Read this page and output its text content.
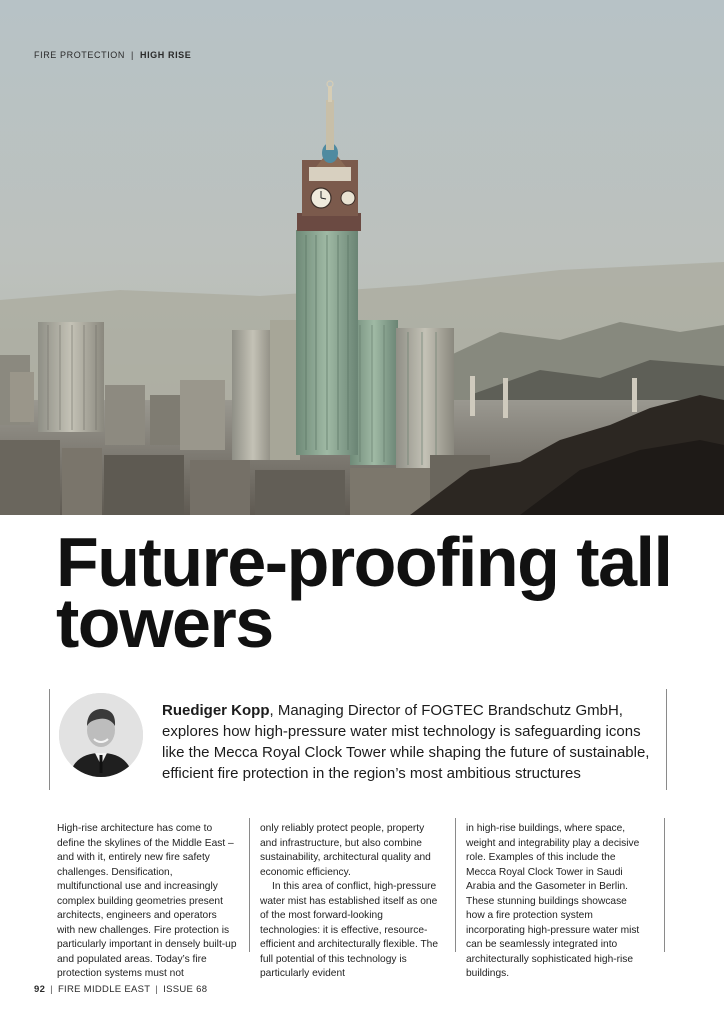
FIRE PROTECTION | HIGH RISE
Future-proofing tall towers

Ruediger Kopp, Managing Director of FOGTEC Brandschutz GmbH, explores how high-pressure water mist technology is safeguarding icons like the Mecca Royal Clock Tower while shaping the future of sustainable, efficient fire protection in the region’s most ambitious structures

High-rise architecture has come to define the skylines of the Middle East – and with it, entirely new fire safety challenges. Densification, multifunctional use and increasingly complex building geometries present architects, engineers and operators with new challenges. Fire protection is particularly important in densely built-up and populated areas. Today’s fire protection systems must not

only reliably protect people, property and infrastructure, but also combine sustainability, architectural quality and economic efficiency.

In this area of conflict, high-pressure water mist has established itself as one of the most forward-looking technologies: it is effective, resource-efficient and architecturally flexible. The full potential of this technology is particularly evident

in high-rise buildings, where space, weight and integrability play a decisive role. Examples of this include the Mecca Royal Clock Tower in Saudi Arabia and the Gasometer in Berlin. These stunning buildings showcase how a fire protection system incorporating high-pressure water mist can be seamlessly integrated into architecturally sophisticated high-rise buildings.

92 | FIRE MIDDLE EAST | ISSUE 68
